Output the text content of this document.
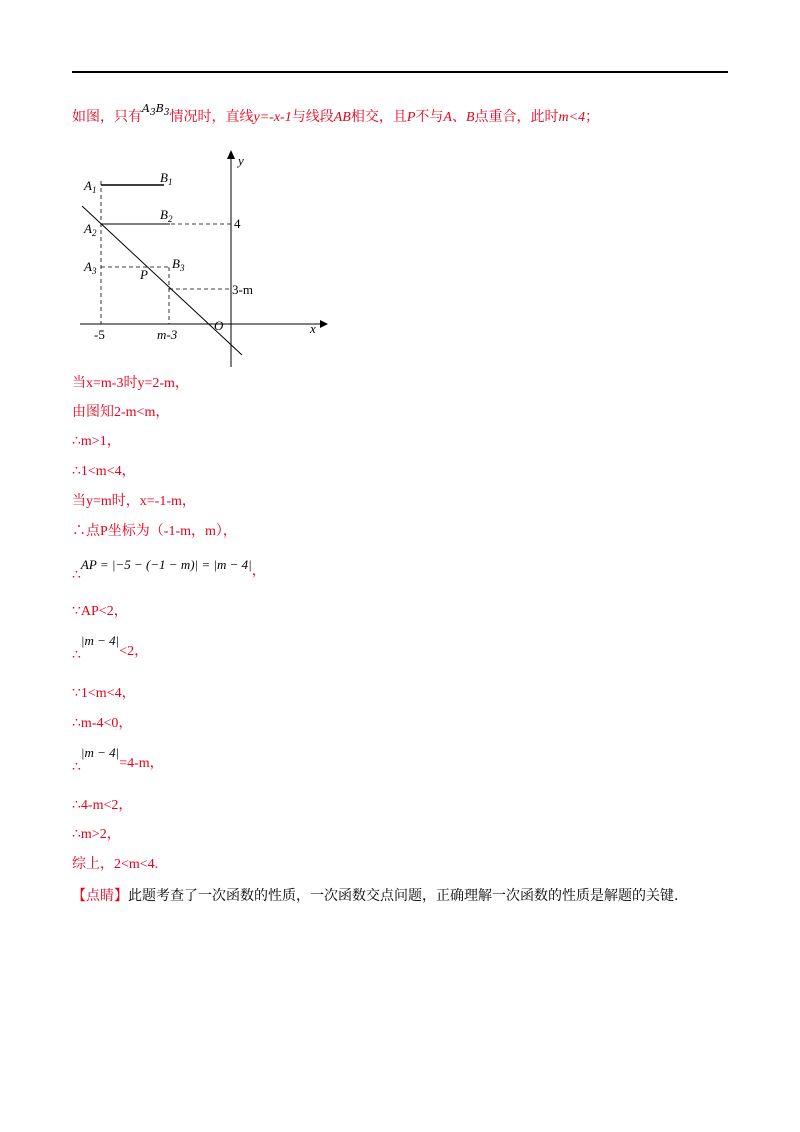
如图，只有$^{A_3B_3}$情况时，直线y=-x-1与线段AB相交，且P不与A、B点重合，此时m<4；
$A_1$
$B_1$
$A_2$
$B_2$
$A_3$	$B_3$
P
y
x
O
4
3-m
-5	m-3
当x=m-3时y=2-m，
由图知2-m<m，
∴m>1，
∴1<m<4，
当y=m时，x=-1-m，
∴点P坐标为（-1-m，m），
∴AP = |−5 − (−1 − m)| = |m − 4|，
∵AP<2，
∴|m − 4|<2，
∵1<m<4，
∴m-4<0，
∴|m − 4|=4-m，
∴4-m<2，
∴m>2，
综上，2<m<4.
【点睛】此题考查了一次函数的性质，一次函数交点问题，正确理解一次函数的性质是解题的关键.
